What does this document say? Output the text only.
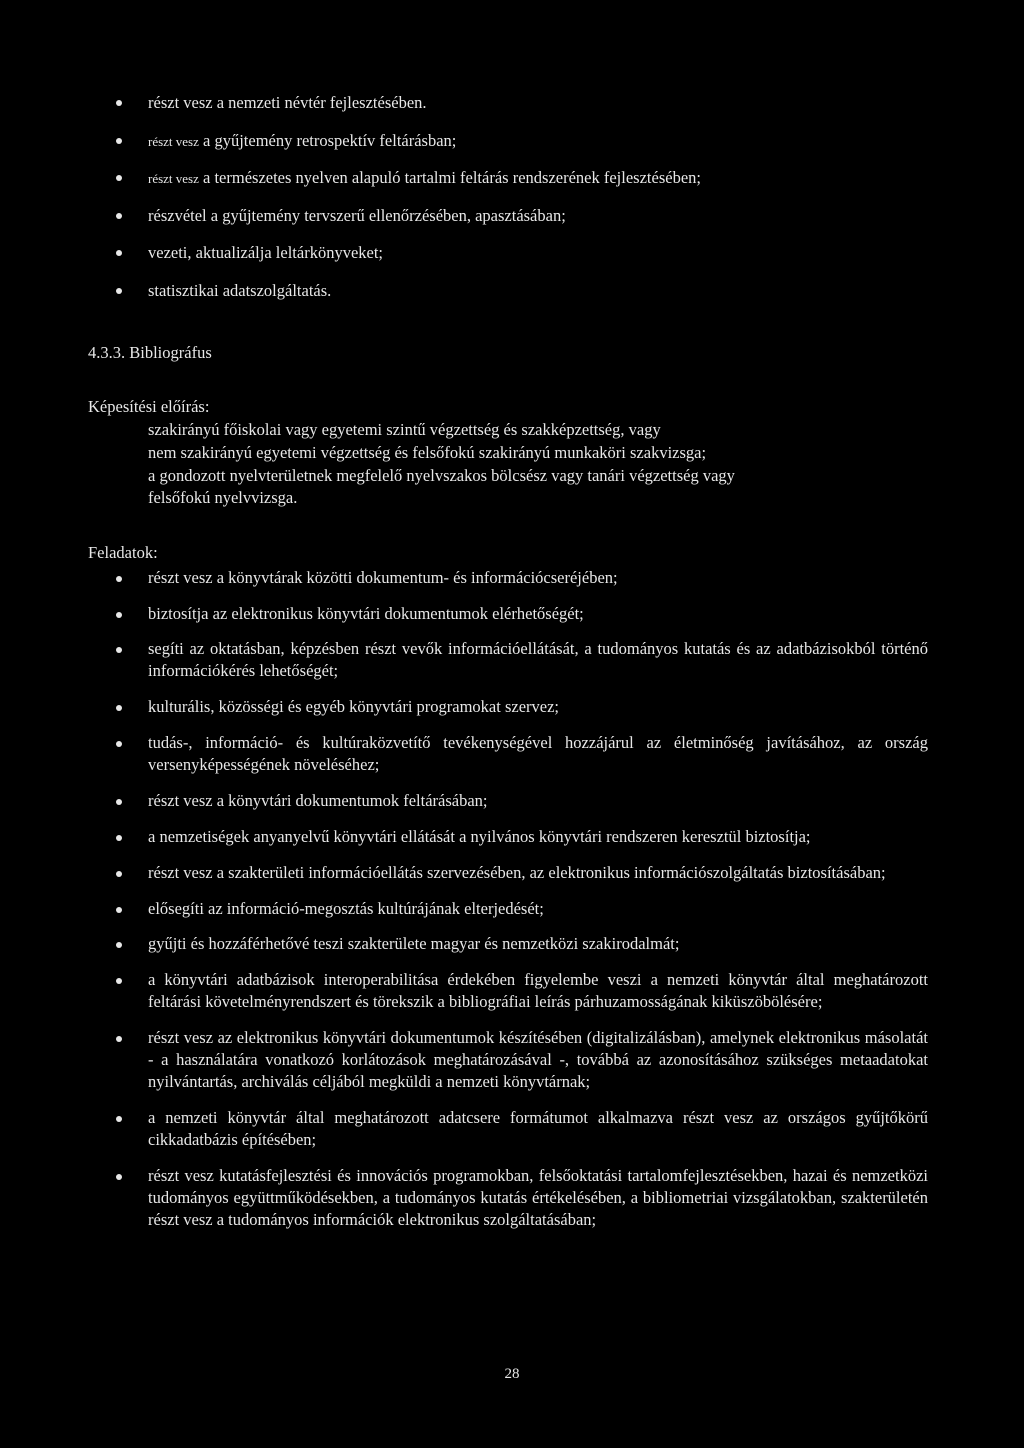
részt vesz a nemzeti névtér fejlesztésében.
részt vesz a gyűjtemény retrospektív feltárásban;
részt vesz a természetes nyelven alapuló tartalmi feltárás rendszerének fejlesztésében;
részvétel a gyűjtemény tervszerű ellenőrzésében, apasztásában;
vezeti, aktualizálja leltárkönyveket;
statisztikai adatszolgáltatás.
4.3.3. Bibliográfus
Képesítési előírás:
szakirányú főiskolai vagy egyetemi szintű végzettség és szakképzettség, vagy
nem szakirányú egyetemi végzettség és felsőfokú szakirányú munkaköri szakvizsga;
a gondozott nyelvterületnek megfelelő nyelvszakos bölcsész vagy tanári végzettség vagy
felsőfokú nyelvvizsga.
Feladatok:
részt vesz a könyvtárak közötti dokumentum- és információcseréjében;
biztosítja az elektronikus könyvtári dokumentumok elérhetőségét;
segíti az oktatásban, képzésben részt vevők információellátását, a tudományos kutatás és az adatbázisokból történő információkérés lehetőségét;
kulturális, közösségi és egyéb könyvtári programokat szervez;
tudás-, információ- és kultúraközvetítő tevékenységével hozzájárul az életminőség javításához, az ország versenyképességének növeléséhez;
részt vesz a könyvtári dokumentumok feltárásában;
a nemzetiségek anyanyelvű könyvtári ellátását a nyilvános könyvtári rendszeren keresztül biztosítja;
részt vesz a szakterületi információellátás szervezésében, az elektronikus információszolgáltatás biztosításában;
elősegíti az információ-megosztás kultúrájának elterjedését;
gyűjti és hozzáférhetővé teszi szakterülete magyar és nemzetközi szakirodalmát;
a könyvtári adatbázisok interoperabilitása érdekében figyelembe veszi a nemzeti könyvtár által meghatározott feltárási követelményrendszert és törekszik a bibliográfiai leírás párhuzamosságának kiküszöbölésére;
részt vesz az elektronikus könyvtári dokumentumok készítésében (digitalizálásban), amelynek elektronikus másolatát - a használatára vonatkozó korlátozások meghatározásával -, továbbá az azonosításához szükséges metaadatokat nyilvántartás, archiválás céljából megküldi a nemzeti könyvtárnak;
a nemzeti könyvtár által meghatározott adatcsere formátumot alkalmazva részt vesz az országos gyűjtőkörű cikkadatbázis építésében;
részt vesz kutatásfejlesztési és innovációs programokban, felsőoktatási tartalomfejlesztésekben, hazai és nemzetközi tudományos együttműködésekben, a tudományos kutatás értékelésében, a bibliometriai vizsgálatokban, szakterületén részt vesz a tudományos információk elektronikus szolgáltatásában;
28
